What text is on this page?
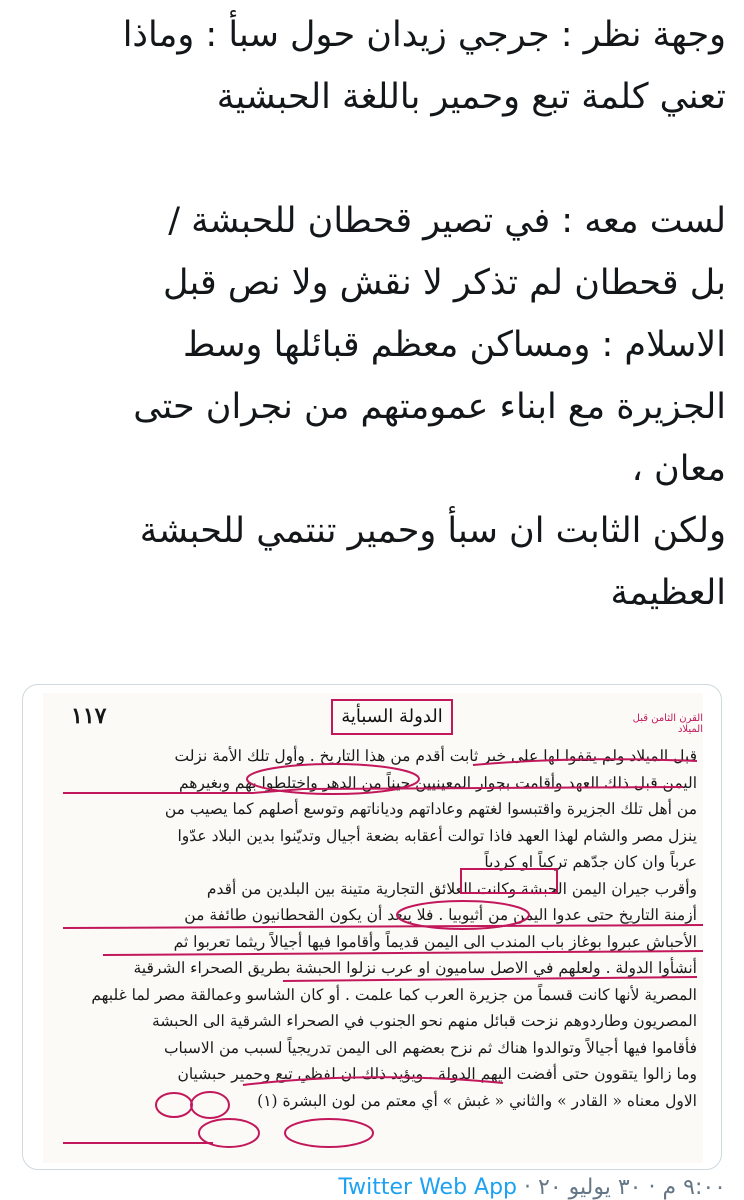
وجهة نظر : جرجي زيدان حول سبأ : وماذا

تعني كلمة تبع وحمير باللغة الحبشية

لست معه : في تصير قحطان للحبشة /

بل قحطان لم تذكر لا نقش ولا نص قبل

الاسلام : ومساكن معظم قبائلها وسط

الجزيرة مع ابناء عمومتهم من نجران حتى

معان ،

ولكن الثابت ان سبأ وحمير تنتمي للحبشة

العظيمة

١١٧	الدولة السبأية	القرن الثامن قبل الميلاد
قبل الميلاد ولم يقفوا لها على خبر ثابت أقدم من هذا التاريخ . وأول تلك الأمة نزلت
اليمن قبل ذلك العهد وأقامت بجوار المعينيين حيناً من الدهر واختلطوا بهم وبغيرهم
من أهل تلك الجزيرة واقتبسوا لغتهم وعاداتهم ودياناتهم وتوسع أصلهم كما يصيب من
ينزل مصر والشام لهذا العهد فاذا توالت أعقابه بضعة أجيال وتديّنوا بدين البلاد عدّوا
عرباً وان كان جدّهم تركياً او كردياً
وأقرب جيران اليمن الحبشة وكانت العلائق التجارية متينة بين البلدين من أقدم
أزمنة التاريخ حتى عدوا اليمن من أثيوبيا . فلا يبعد أن يكون القحطانيون طائفة من
الأحباش عبروا بوغاز باب المندب الى اليمن قديماً وأقاموا فيها أجيالاً ريثما تعربوا ثم
أنشأوا الدولة . ولعلهم في الاصل ساميون او عرب نزلوا الحبشة بطريق الصحراء الشرقية
المصرية لأنها كانت قسماً من جزيرة العرب كما علمت . أو كان الشاسو وعمالقة مصر لما غلبهم
المصريون وطاردوهم نزحت قبائل منهم نحو الجنوب في الصحراء الشرقية الى الحبشة
فأقاموا فيها أجيالاً وتوالدوا هناك ثم نزح بعضهم الى اليمن تدريجياً لسبب من الاسباب
وما زالوا يتقوون حتى أفضت اليهم الدولة . ويؤيد ذلك ان لفظي تبع وحمير حبشيان
الاول معناه « القادر » والثاني « غبش » أي معتم من لون البشرة (١)
٩:٠٠ م · ٣٠ يوليو ٢٠ · Twitter Web App
